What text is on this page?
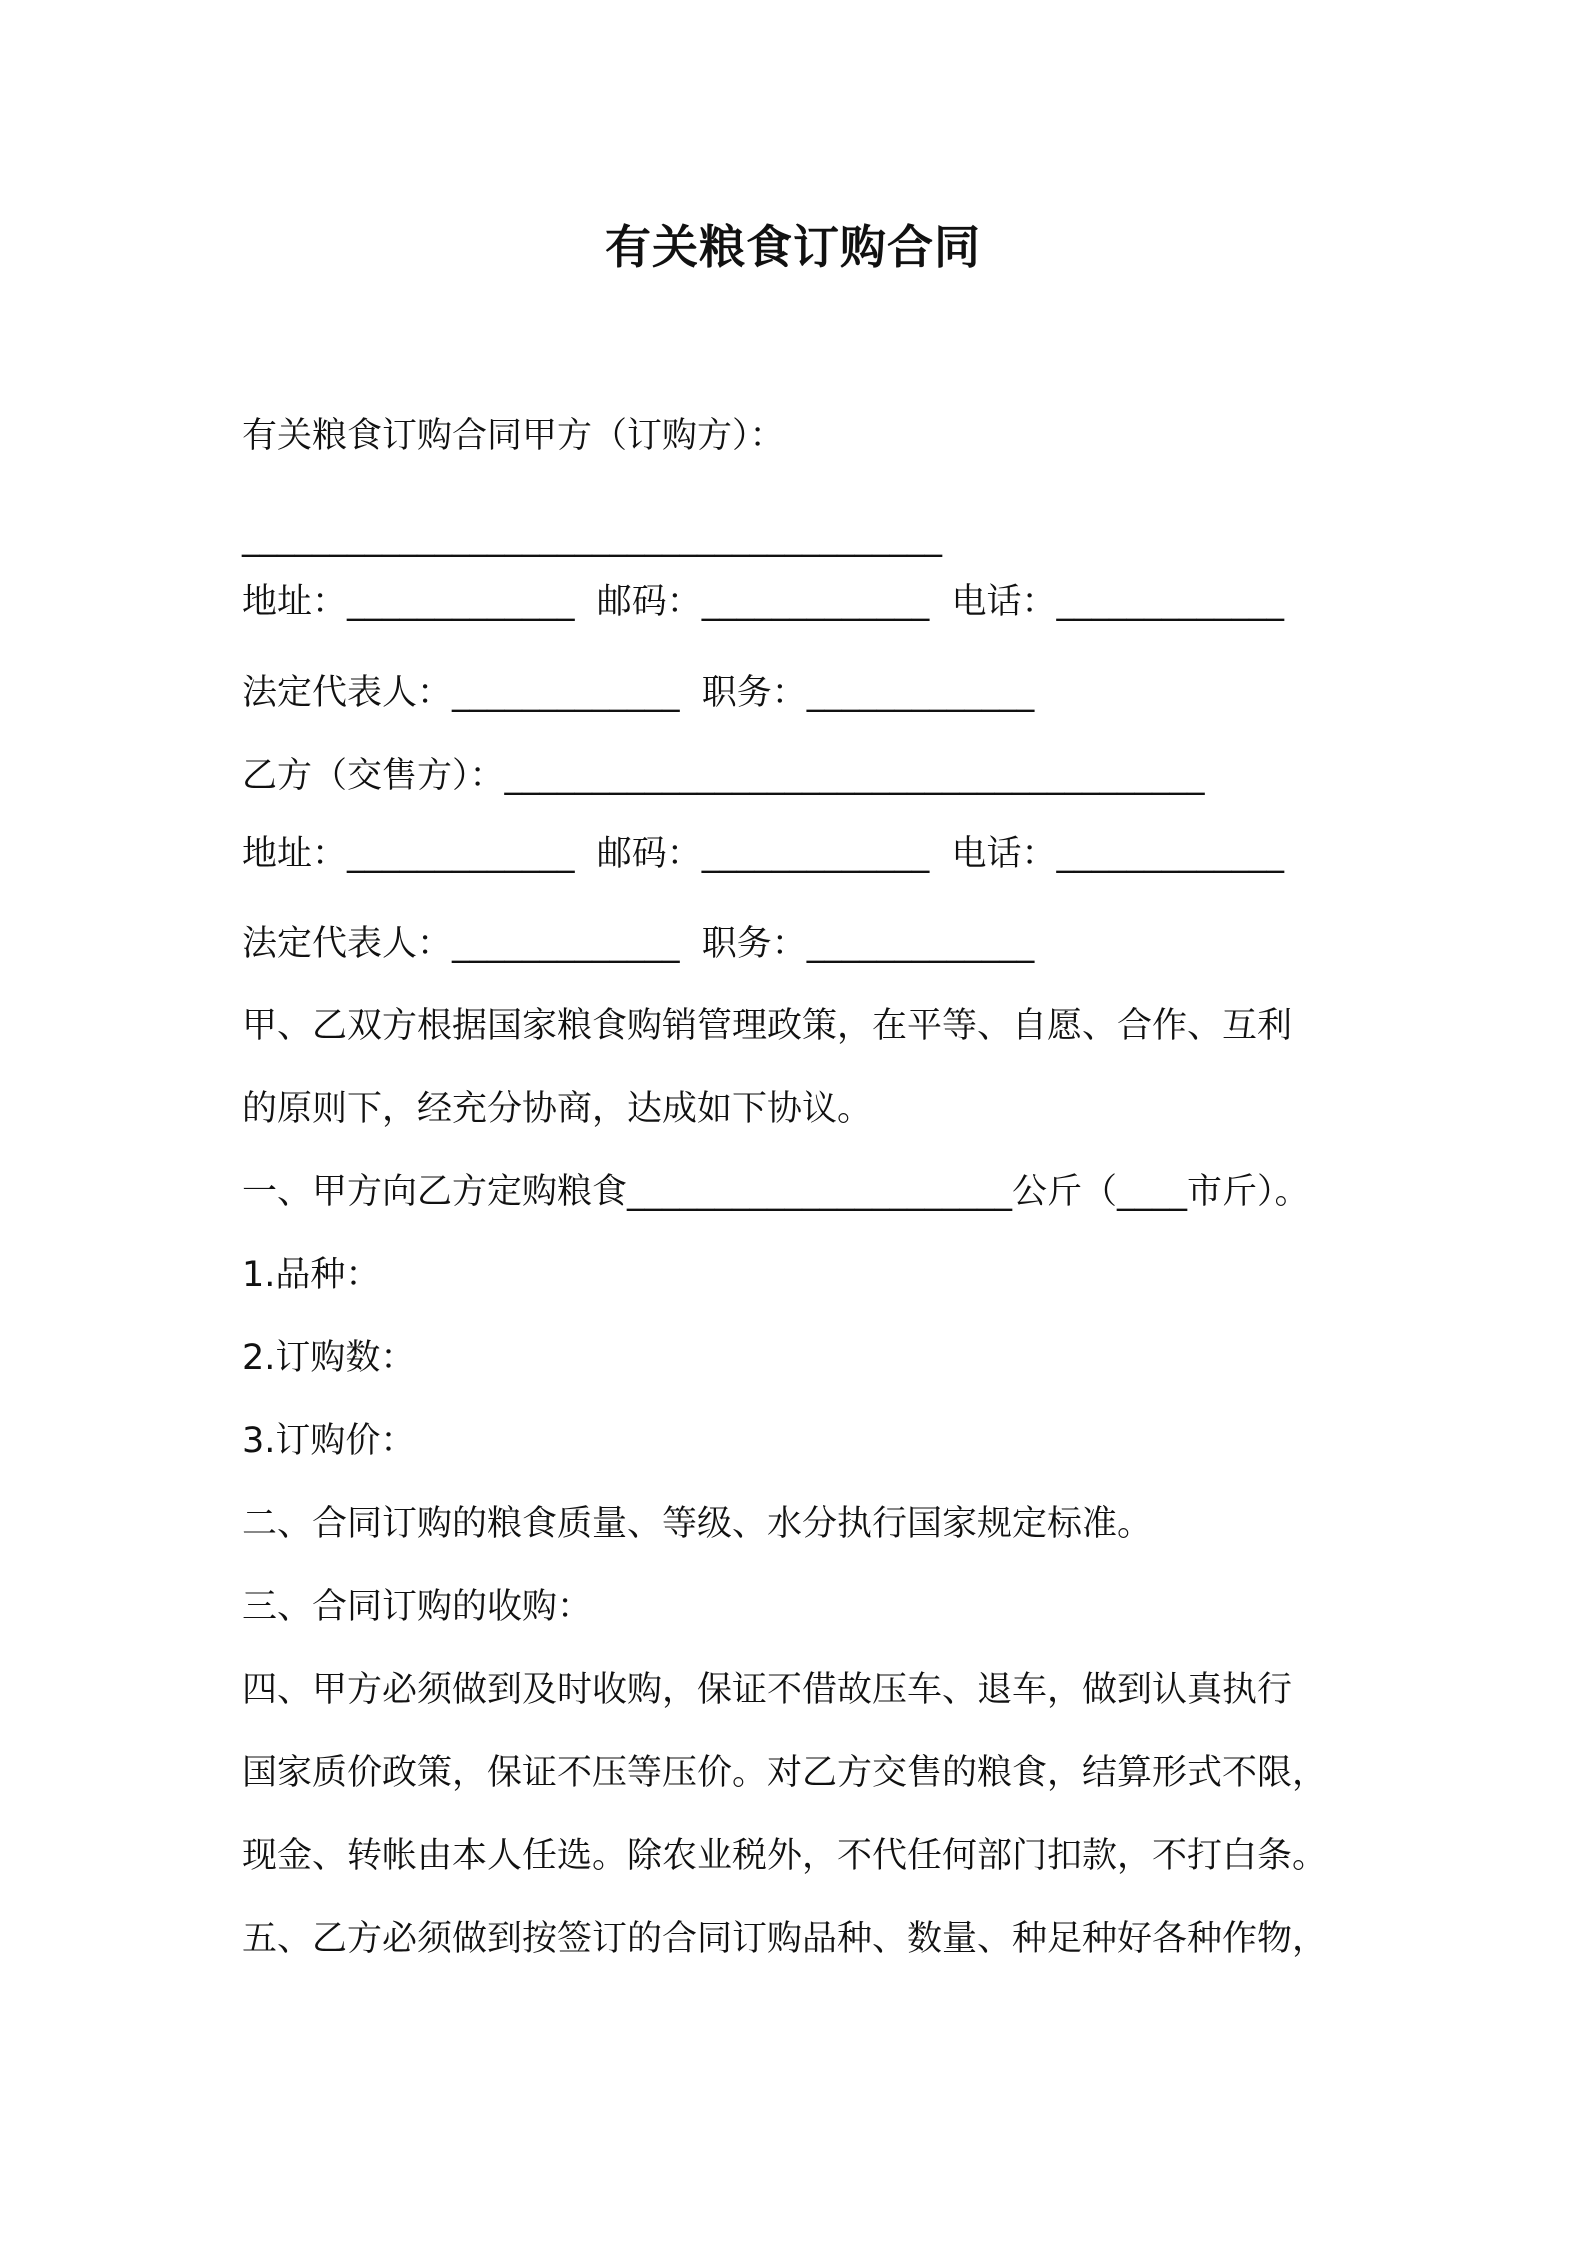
有关粮食订购合同
有关粮食订购合同甲方（订购方）：
________________________________________
地址：_____________  邮码：_____________  电话：_____________
法定代表人：_____________  职务：_____________
乙方（交售方）：________________________________________
地址：_____________  邮码：_____________  电话：_____________
法定代表人：_____________  职务：_____________
甲、乙双方根据国家粮食购销管理政策，在平等、自愿、合作、互利
的原则下，经充分协商，达成如下协议。
一、甲方向乙方定购粮食______________________公斤（____市斤）。
1.品种：
2.订购数：
3.订购价：
二、合同订购的粮食质量、等级、水分执行国家规定标准。
三、合同订购的收购：
四、甲方必须做到及时收购，保证不借故压车、退车，做到认真执行
国家质价政策，保证不压等压价。对乙方交售的粮食，结算形式不限，
现金、转帐由本人任选。除农业税外，不代任何部门扣款，不打白条。
五、乙方必须做到按签订的合同订购品种、数量、种足种好各种作物，
